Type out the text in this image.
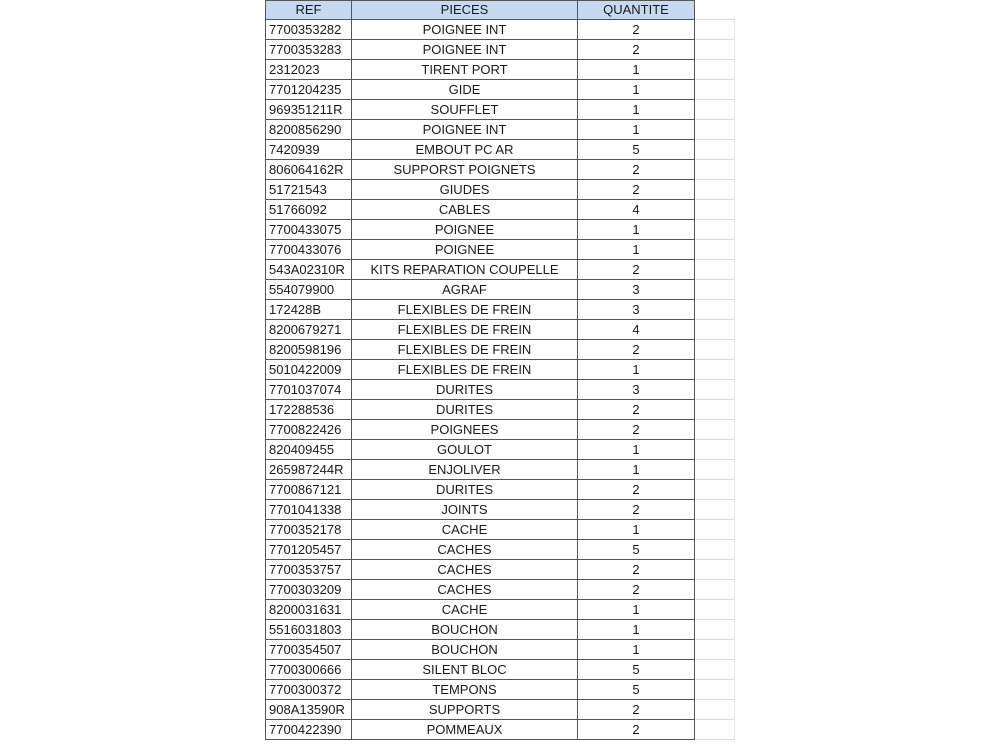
REF	PIECES	QUANTITE	
7700353282	POIGNEE INT	2	
7700353283	POIGNEE INT	2	
2312023	TIRENT PORT	1	
7701204235	GIDE	1	
969351211R	SOUFFLET	1	
8200856290	POIGNEE INT	1	
7420939	EMBOUT PC AR	5	
806064162R	SUPPORST POIGNETS	2	
51721543	GIUDES	2	
51766092	CABLES	4	
7700433075	POIGNEE	1	
7700433076	POIGNEE	1	
543A02310R	KITS REPARATION COUPELLE	2	
554079900	AGRAF	3	
172428B	FLEXIBLES DE FREIN	3	
8200679271	FLEXIBLES DE FREIN	4	
8200598196	FLEXIBLES DE FREIN	2	
5010422009	FLEXIBLES DE FREIN	1	
7701037074	DURITES	3	
172288536	DURITES	2	
7700822426	POIGNEES	2	
820409455	GOULOT	1	
265987244R	ENJOLIVER	1	
7700867121	DURITES	2	
7701041338	JOINTS	2	
7700352178	CACHE	1	
7701205457	CACHES	5	
7700353757	CACHES	2	
7700303209	CACHES	2	
8200031631	CACHE	1	
5516031803	BOUCHON	1	
7700354507	BOUCHON	1	
7700300666	SILENT BLOC	5	
7700300372	TEMPONS	5	
908A13590R	SUPPORTS	2	
7700422390	POMMEAUX	2	
